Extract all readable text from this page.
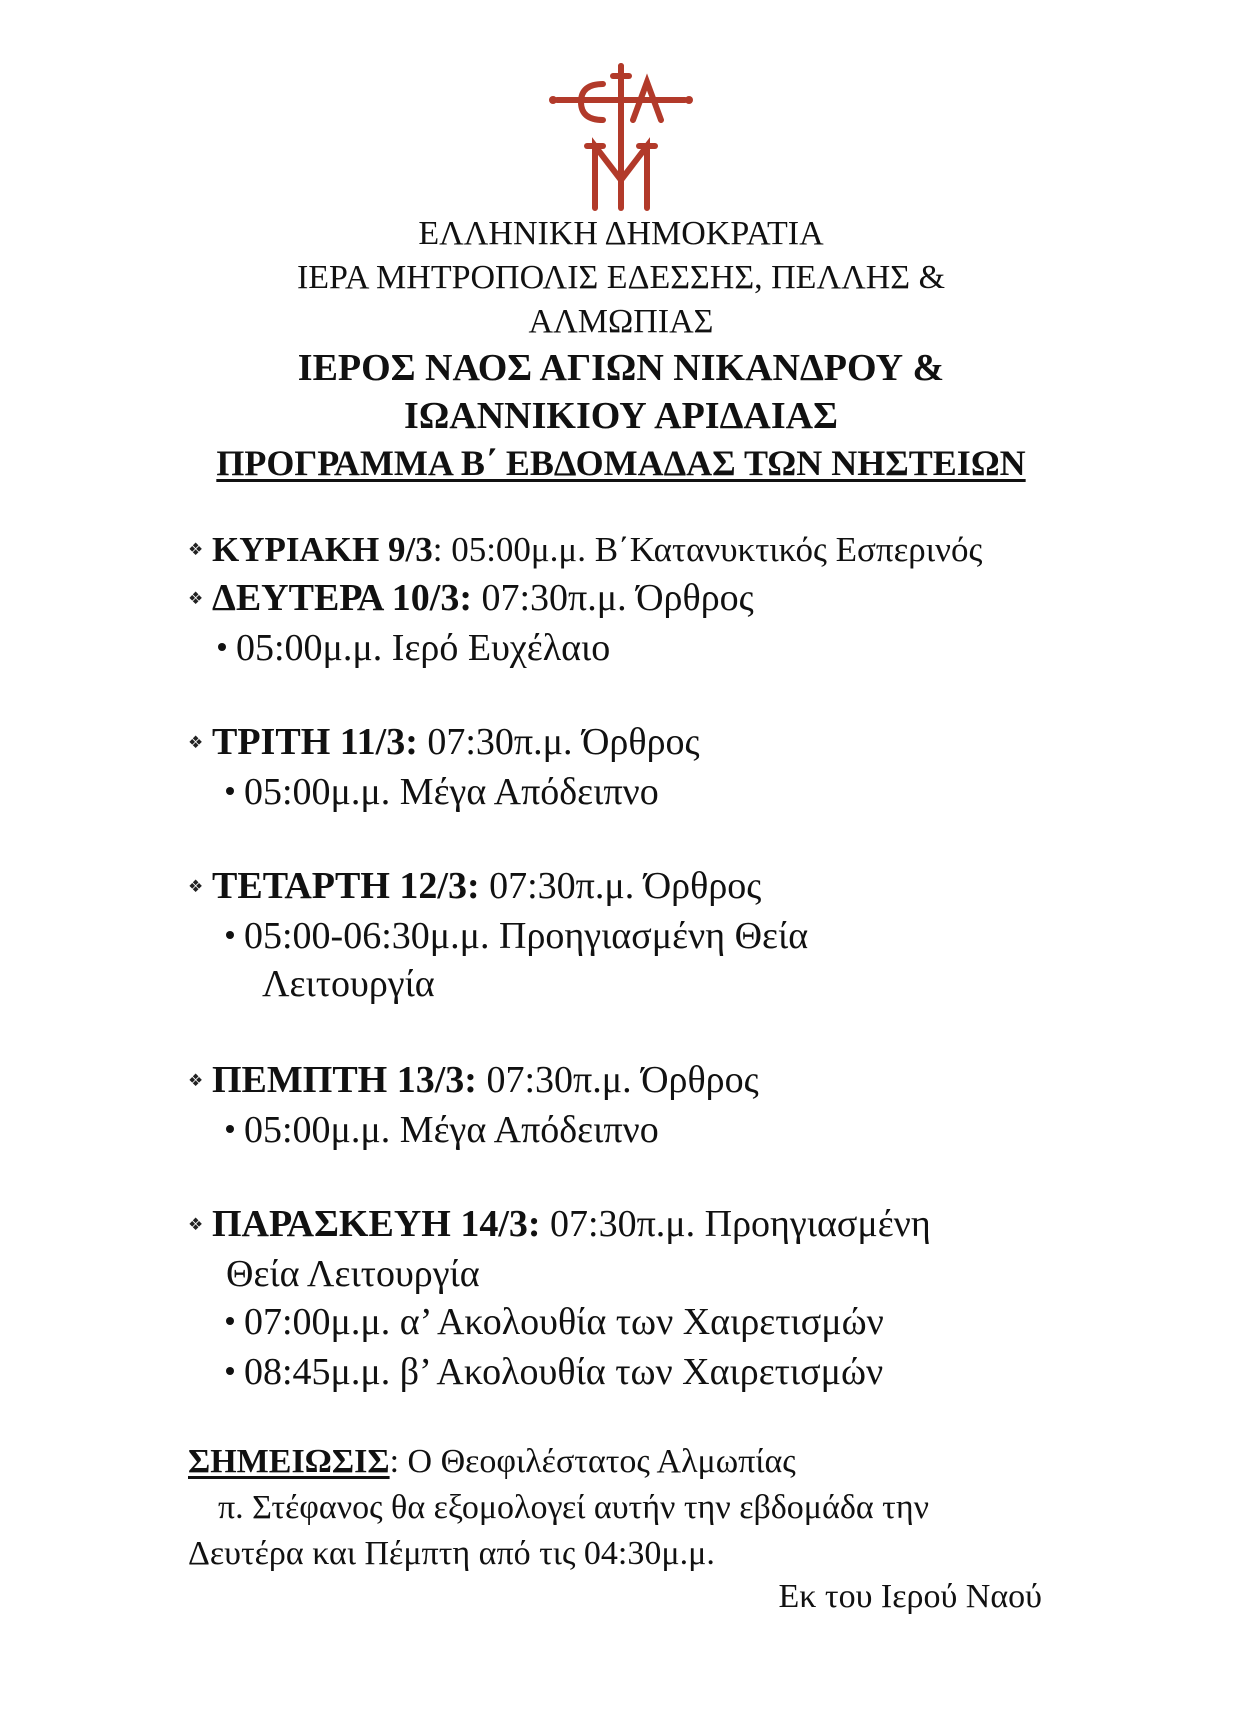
ΕΛΛΗΝΙΚΗ ΔΗΜΟΚΡΑΤΙΑ
ΙΕΡΑ ΜΗΤΡΟΠΟΛΙΣ ΕΔΕΣΣΗΣ, ΠΕΛΛΗΣ &
ΑΛΜΩΠΙΑΣ
ΙΕΡΟΣ ΝΑΟΣ ΑΓΙΩΝ ΝΙΚΑΝΔΡΟΥ &
ΙΩΑΝΝΙΚΙΟΥ ΑΡΙΔΑΙΑΣ
ΠΡΟΓΡΑΜΜΑ Β΄ ΕΒΔΟΜΑΔΑΣ ΤΩΝ ΝΗΣΤΕΙΩΝ
❖ ΚΥΡΙΑΚΗ 9/3: 05:00μ.μ. Β΄Κατανυκτικός Εσπερινός
❖ ΔΕΥΤΕΡΑ 10/3: 07:30π.μ. Όρθρος
05:00μ.μ. Ιερό Ευχέλαιο
❖ ΤΡΙΤΗ 11/3: 07:30π.μ. Όρθρος
05:00μ.μ. Μέγα Απόδειπνο
❖ ΤΕΤΑΡΤΗ 12/3: 07:30π.μ. Όρθρος
05:00-06:30μ.μ. Προηγιασμένη Θεία
Λειτουργία
❖ ΠΕΜΠΤΗ 13/3: 07:30π.μ. Όρθρος
05:00μ.μ. Μέγα Απόδειπνο
❖ ΠΑΡΑΣΚΕΥΗ 14/3: 07:30π.μ. Προηγιασμένη
Θεία Λειτουργία
07:00μ.μ. α’ Ακολουθία των Χαιρετισμών
08:45μ.μ. β’ Ακολουθία των Χαιρετισμών
ΣΗΜΕΙΩΣΙΣ: Ο Θεοφιλέστατος Αλμωπίας
π. Στέφανος θα εξομολογεί αυτήν την εβδομάδα την
Δευτέρα και Πέμπτη από τις 04:30μ.μ.
Εκ του Ιερού Ναού
